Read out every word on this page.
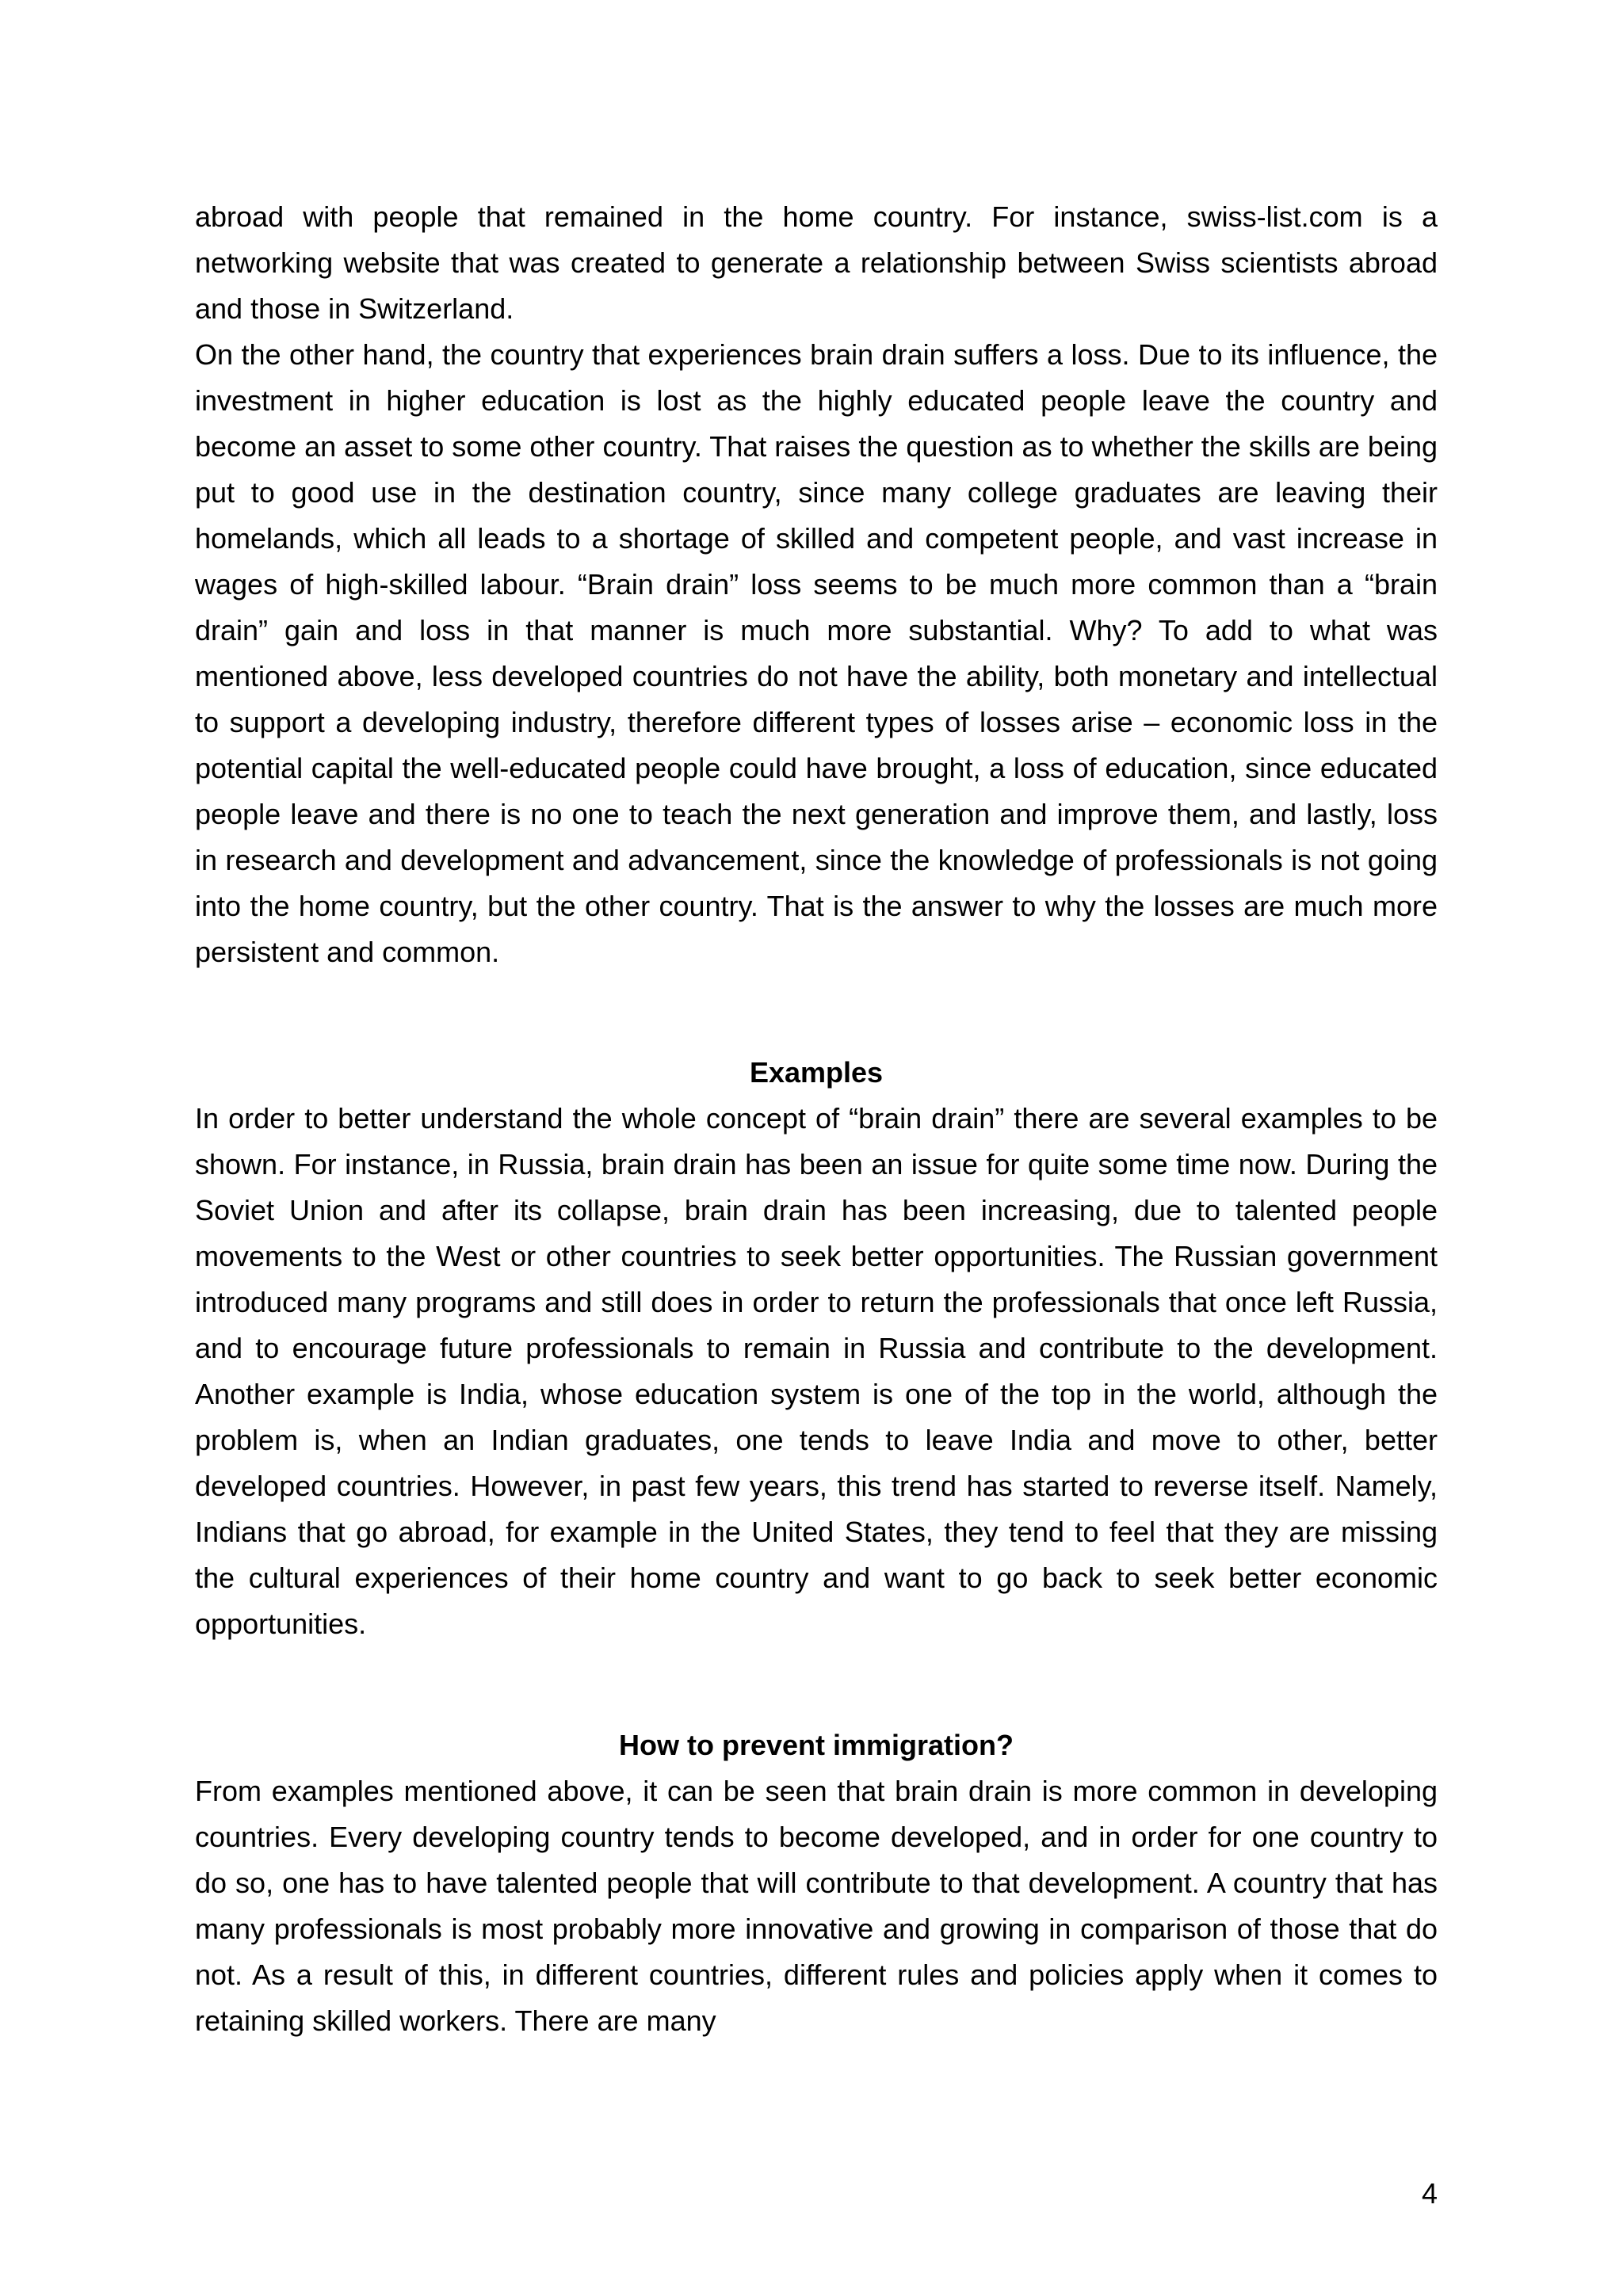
abroad with people that remained in the home country. For instance, swiss-list.com is a networking website that was created to generate a relationship between Swiss scientists abroad and those in Switzerland.

On the other hand, the country that experiences brain drain suffers a loss. Due to its influence, the investment in higher education is lost as the highly educated people leave the country and become an asset to some other country. That raises the question as to whether the skills are being put to good use in the destination country, since many college graduates are leaving their homelands, which all leads to a shortage of skilled and competent people, and vast increase in wages of high-skilled labour. “Brain drain” loss seems to be much more common than a “brain drain” gain and loss in that manner is much more substantial. Why? To add to what was mentioned above, less developed countries do not have the ability, both monetary and intellectual to support a developing industry, therefore different types of losses arise – economic loss in the potential capital the well-educated people could have brought, a loss of education, since educated people leave and there is no one to teach the next generation and improve them, and lastly, loss in research and development and advancement, since the knowledge of professionals is not going into the home country, but the other country. That is the answer to why the losses are much more persistent and common.

Examples

In order to better understand the whole concept of “brain drain” there are several examples to be shown. For instance, in Russia, brain drain has been an issue for quite some time now. During the Soviet Union and after its collapse, brain drain has been increasing, due to talented people movements to the West or other countries to seek better opportunities. The Russian government introduced many programs and still does in order to return the professionals that once left Russia, and to encourage future professionals to remain in Russia and contribute to the development. Another example is India, whose education system is one of the top in the world, although the problem is, when an Indian graduates, one tends to leave India and move to other, better developed countries. However, in past few years, this trend has started to reverse itself. Namely, Indians that go abroad, for example in the United States, they tend to feel that they are missing the cultural experiences of their home country and want to go back to seek better economic opportunities.

How to prevent immigration?

From examples mentioned above, it can be seen that brain drain is more common in developing countries. Every developing country tends to become developed, and in order for one country to do so, one has to have talented people that will contribute to that development. A country that has many professionals is most probably more innovative and growing in comparison of those that do not. As a result of this, in different countries, different rules and policies apply when it comes to retaining skilled workers. There are many

4
